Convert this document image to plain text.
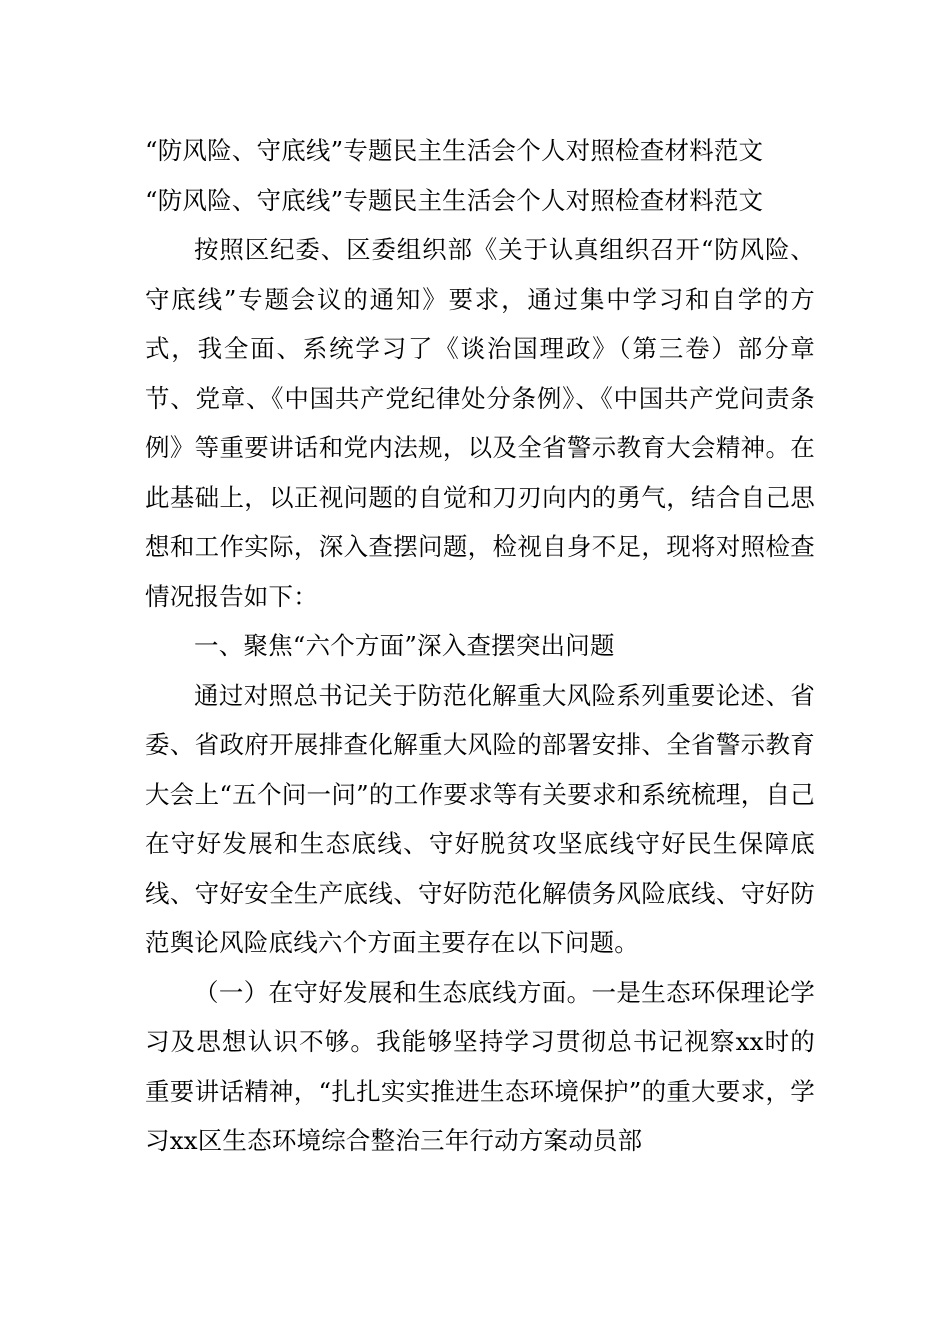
“防风险、守底线”专题民主生活会个人对照检查材料范文
“防风险、守底线”专题民主生活会个人对照检查材料范文

按照区纪委、区委组织部《关于认真组织召开“防风险、守底线”专题会议的通知》要求，通过集中学习和自学的方式，我全面、系统学习了《谈治国理政》（第三卷）部分章节、党章、《中国共产党纪律处分条例》、《中国共产党问责条例》等重要讲话和党内法规，以及全省警示教育大会精神。在此基础上，以正视问题的自觉和刀刃向内的勇气，结合自己思想和工作实际，深入查摆问题，检视自身不足，现将对照检查情况报告如下：

一、聚焦“六个方面”深入查摆突出问题

通过对照总书记关于防范化解重大风险系列重要论述、省委、省政府开展排查化解重大风险的部署安排、全省警示教育大会上“五个问一问”的工作要求等有关要求和系统梳理，自己在守好发展和生态底线、守好脱贫攻坚底线守好民生保障底线、守好安全生产底线、守好防范化解债务风险底线、守好防范舆论风险底线六个方面主要存在以下问题。

（一）在守好发展和生态底线方面。一是生态环保理论学习及思想认识不够。我能够坚持学习贯彻总书记视察xx时的重要讲话精神，“扎扎实实推进生态环境保护”的重大要求，学习xx区生态环境综合整治三年行动方案动员部
